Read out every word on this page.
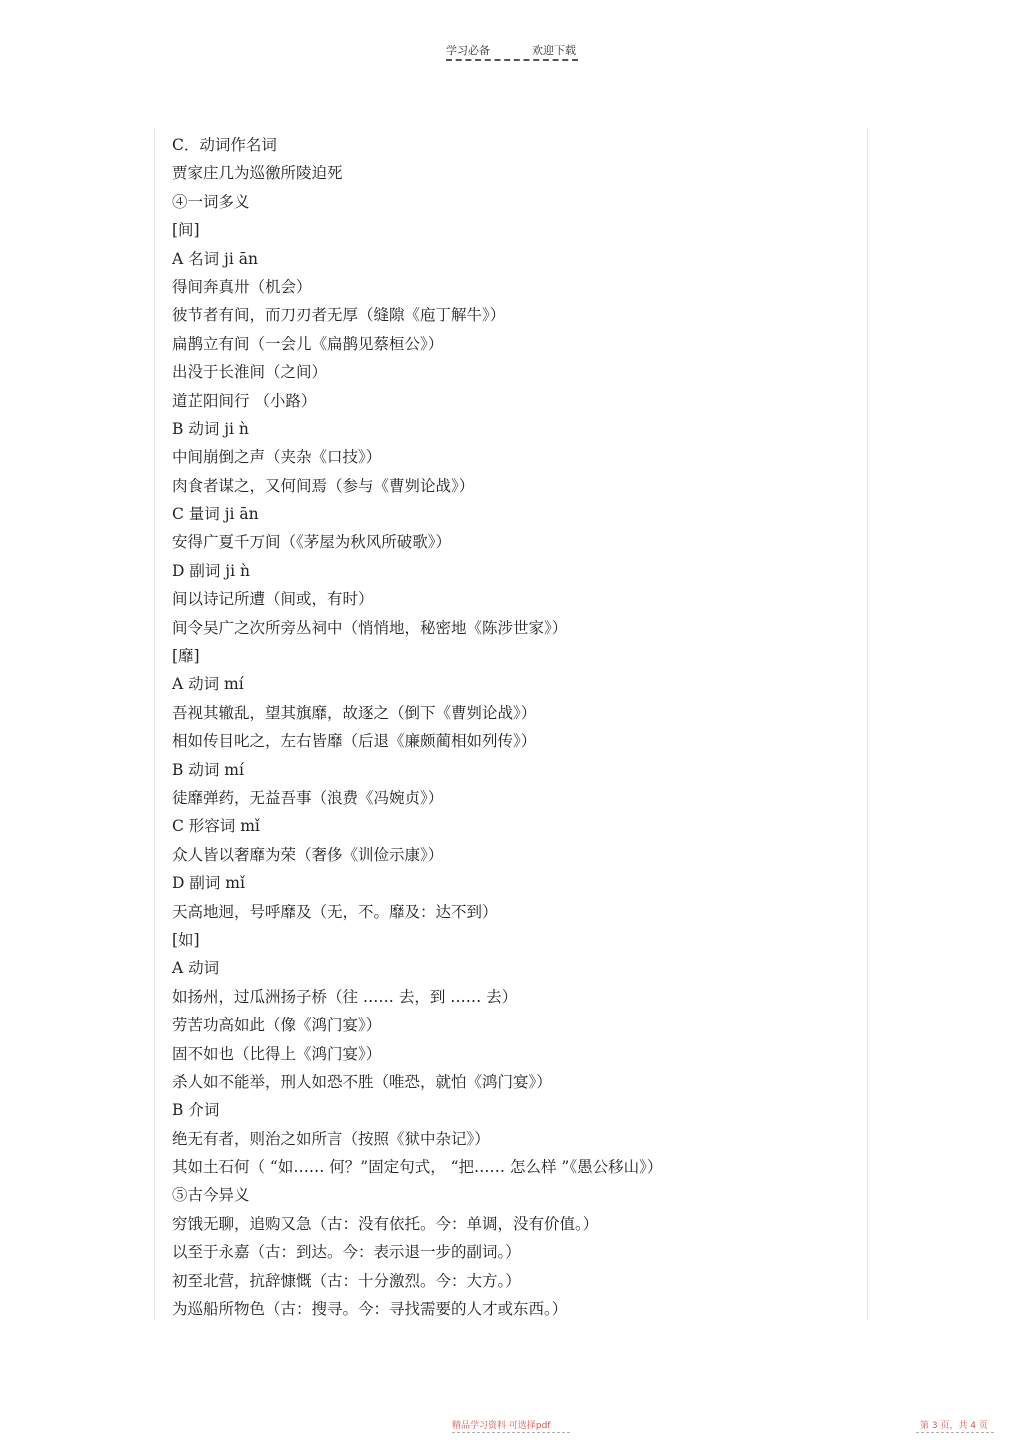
学习必备	欢迎下载
C．动词作名词
贾家庄几为巡徼所陵迫死
④一词多义
[间]
A 名词 ji ān
得间奔真卅（机会）
彼节者有间，而刀刃者无厚（缝隙《庖丁解牛》）
扁鹊立有间（一会儿《扁鹊见蔡桓公》）
出没于长淮间（之间）
道芷阳间行 （小路）
B 动词 ji ǹ
中间崩倒之声（夹杂《口技》）
肉食者谋之，又何间焉（参与《曹刿论战》）
C 量词 ji ān
安得广夏千万间（《茅屋为秋风所破歌》）
D 副词 ji ǹ
间以诗记所遭（间或，有时）
间令吴广之次所旁丛祠中（悄悄地，秘密地《陈涉世家》）
[靡]
A 动词 mí
吾视其辙乱，望其旗靡，故逐之（倒下《曹刿论战》）
相如传目叱之，左右皆靡（后退《廉颇蔺相如列传》）
B 动词 mí
徒靡弹药，无益吾事（浪费《冯婉贞》）
C 形容词 mǐ
众人皆以奢靡为荣（奢侈《训俭示康》）
D 副词 mǐ
天高地迥，号呼靡及（无，不。靡及：达不到）
[如]
A 动词
如扬州，过瓜洲扬子桥（往 …… 去，到 …… 去）
劳苦功高如此（像《鸿门宴》）
固不如也（比得上《鸿门宴》）
杀人如不能举，刑人如恐不胜（唯恐，就怕《鸿门宴》）
B 介词
绝无有者，则治之如所言（按照《狱中杂记》）
其如土石何（ “如…… 何？”固定句式， “把…… 怎么样 ”《愚公移山》）
⑤古今异义
穷饿无聊，追购又急（古：没有依托。今：单调，没有价值。）
以至于永嘉（古：到达。今：表示退一步的副词。）
初至北营，抗辞慷慨（古：十分激烈。今：大方。）
为巡船所物色（古：搜寻。今：寻找需要的人才或东西。）
精品学习资料 可选择pdf	第 3 页，共 4 页
